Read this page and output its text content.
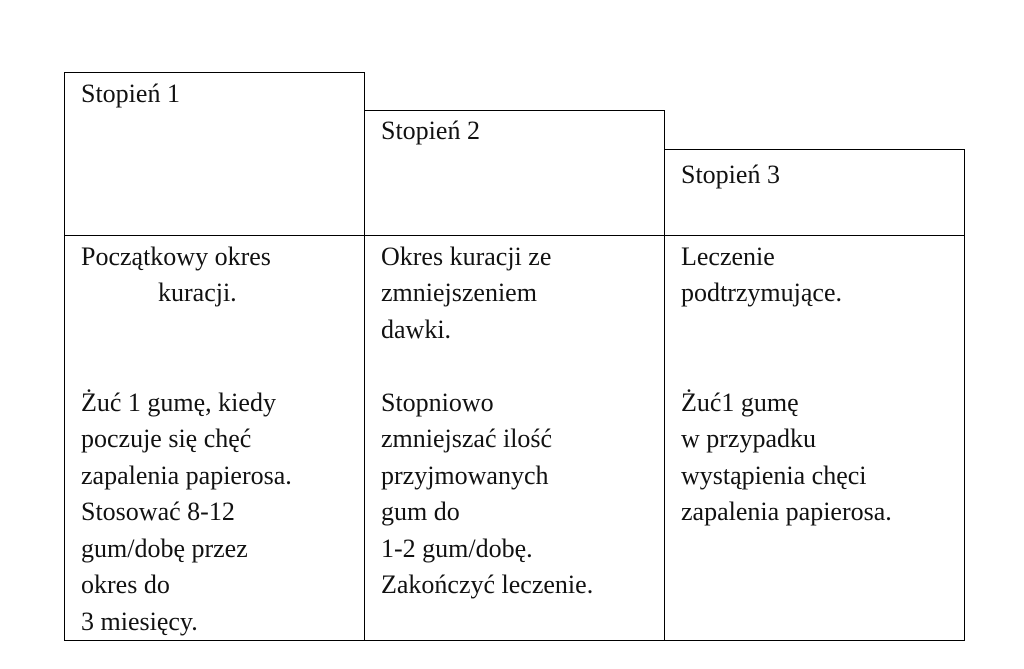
Stopień 1
Początkowy okres
kuracji.
Żuć 1 gumę, kiedy
poczuje się chęć
zapalenia papierosa.
Stosować 8-12
gum/dobę przez
okres do
3 miesięcy.
Stopień 2
Okres kuracji ze
zmniejszeniem
dawki.
Stopniowo
zmniejszać ilość
przyjmowanych
gum do
1-2 gum/dobę.
Zakończyć leczenie.
Stopień 3
Leczenie
podtrzymujące.
Żuć1 gumę
w przypadku
wystąpienia chęci
zapalenia papierosa.
